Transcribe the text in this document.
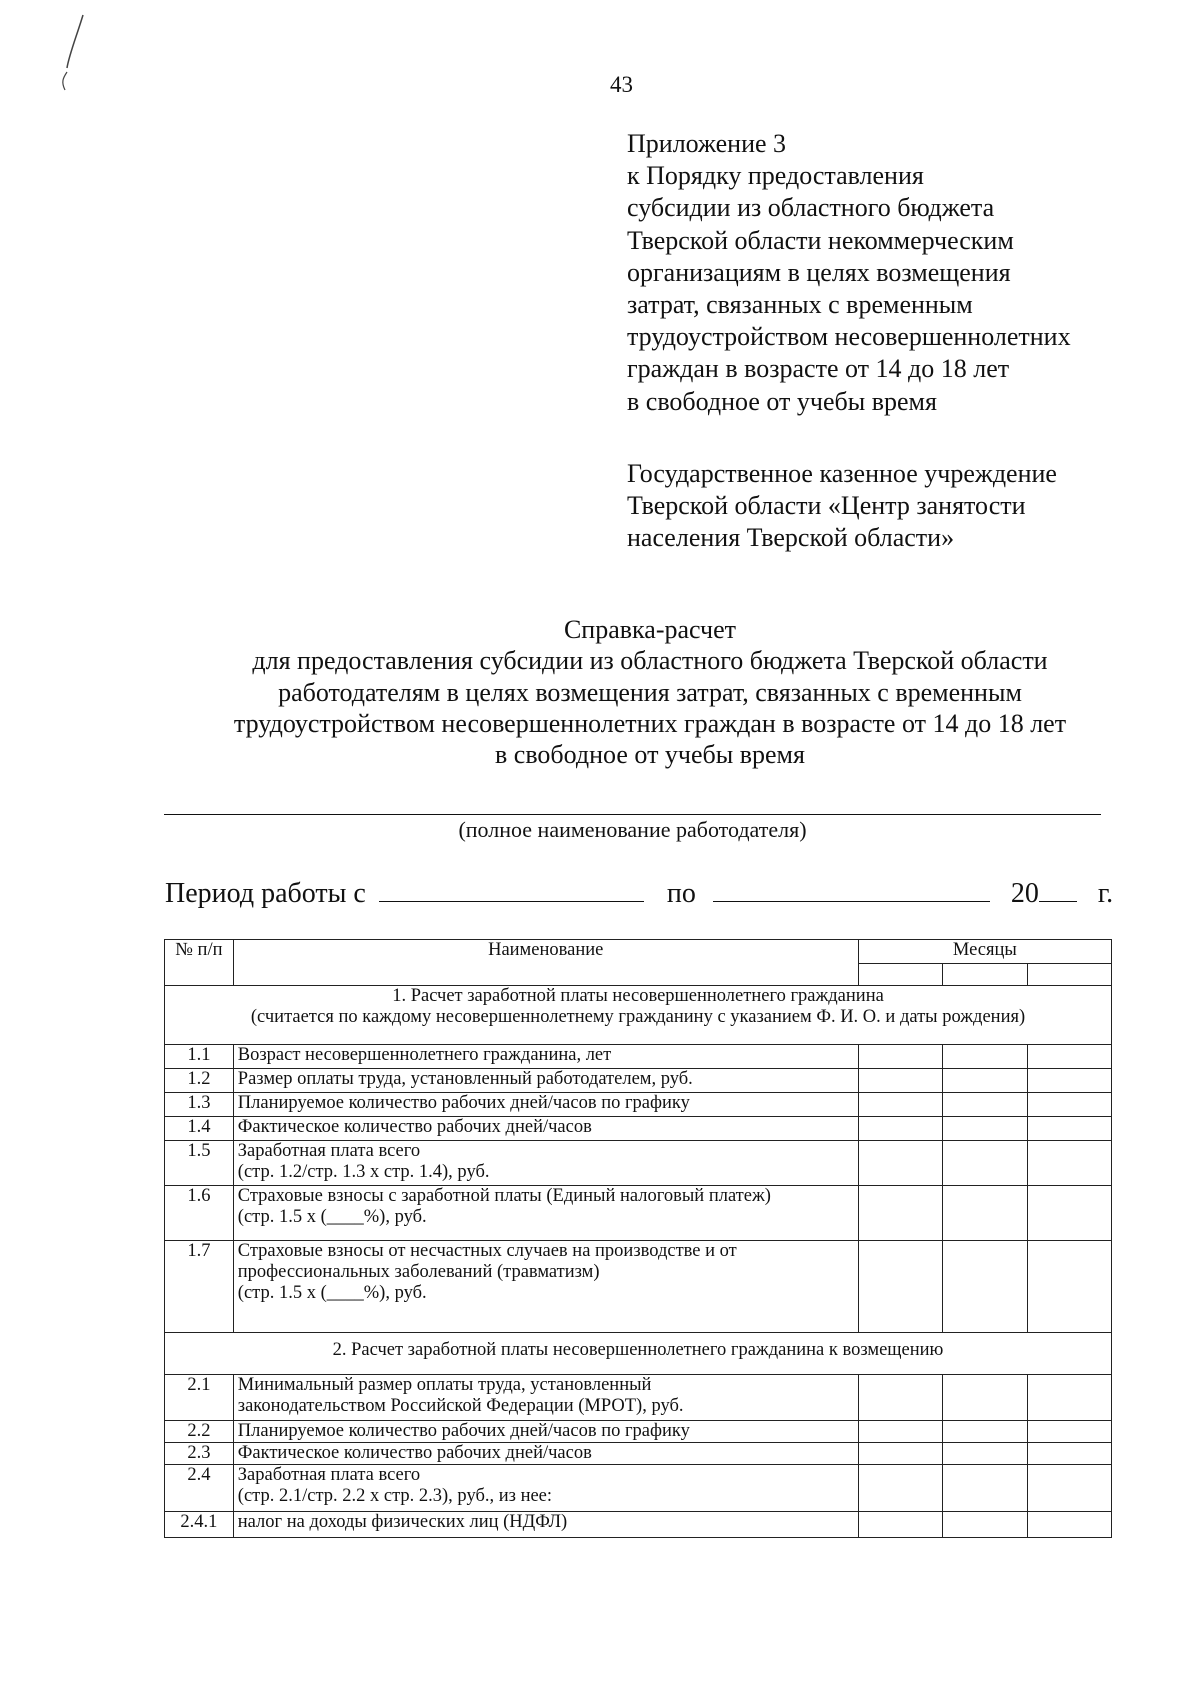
43
Приложение 3
к Порядку предоставления
субсидии из областного бюджета
Тверской области некоммерческим
организациям в целях возмещения
затрат, связанных с временным
трудоустройством несовершеннолетних
граждан в возрасте от 14 до 18 лет
в свободное от учебы время
Государственное казенное учреждение
Тверской области «Центр занятости
населения Тверской области»
Справка-расчет
для предоставления субсидии из областного бюджета Тверской области
работодателям в целях возмещения затрат, связанных с временным
трудоустройством несовершеннолетних граждан в возрасте от 14 до 18 лет
в свободное от учебы время
(полное наименование работодателя)
Период работы с	по	20 г.
№ п/п	Наименование	Месяцы		

1. Расчет заработной платы несовершеннолетнего гражданина
(считается по каждому несовершеннолетнему гражданину с указанием Ф. И. О. и даты рождения)				

1.1	Возраст несовершеннолетнего гражданина, лет			
1.2	Размер оплаты труда, установленный работодателем, руб.			
1.3	Планируемое количество рабочих дней/часов по графику			
1.4	Фактическое количество рабочих дней/часов			
1.5	Заработная плата всего
(стр. 1.2/стр. 1.3 x стр. 1.4), руб.			

1.6	Страховые взносы с заработной платы (Единый налоговый платеж)
(стр. 1.5 x (____%), руб.			

1.7	Страховые взносы от несчастных случаев на производстве и от
профессиональных заболеваний (травматизм)
(стр. 1.5 x (____%), руб.			

2. Расчет заработной платы несовершеннолетнего гражданина к возмещению				

2.1	Минимальный размер оплаты труда, установленный
законодательством Российской Федерации (МРОТ), руб.			

2.2	Планируемое количество рабочих дней/часов по графику			
2.3	Фактическое количество рабочих дней/часов			
2.4	Заработная плата всего
(стр. 2.1/стр. 2.2 x стр. 2.3), руб., из нее:			

2.4.1	налог на доходы физических лиц (НДФЛ)			
